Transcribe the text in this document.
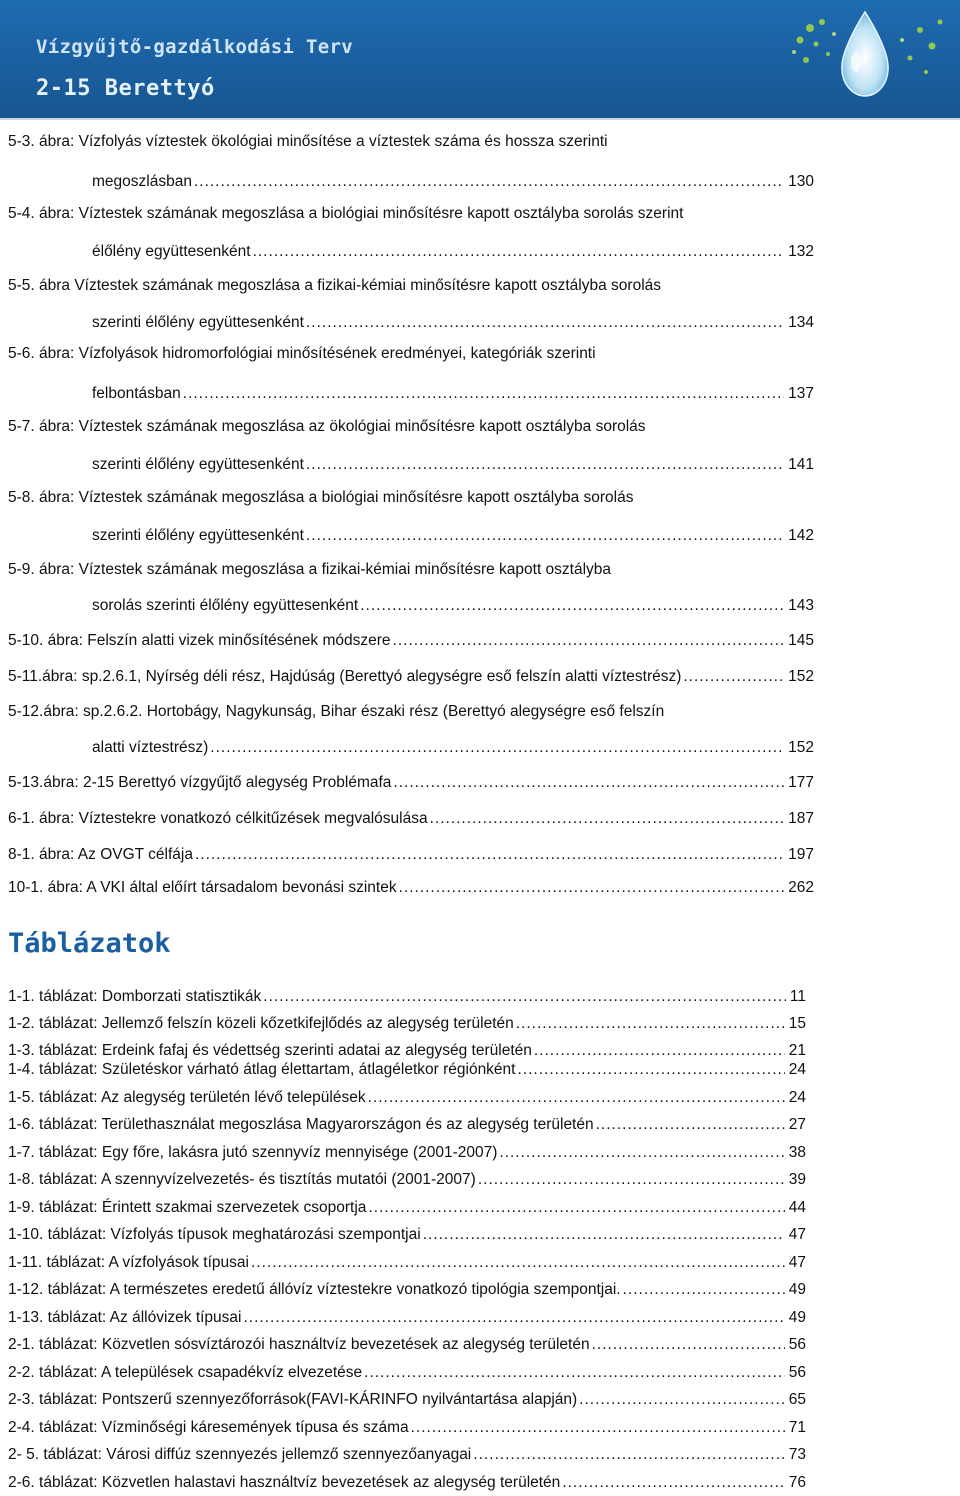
Vízgyűjtő-gazdálkodási Terv
2-15 Berettyó
5-3. ábra: Vízfolyás víztestek ökológiai minősítése a víztestek száma és hossza szerinti
megoszlásban .....	130
5-4. ábra: Víztestek számának megoszlása a biológiai minősítésre kapott osztályba sorolás szerint
élőlény együttesenként .....	132
5-5. ábra Víztestek számának megoszlása a fizikai-kémiai minősítésre kapott osztályba sorolás
szerinti élőlény együttesenként .....	134
5-6. ábra: Vízfolyások hidromorfológiai minősítésének eredményei, kategóriák szerinti
felbontásban .....	137
5-7. ábra: Víztestek számának megoszlása az ökológiai minősítésre kapott osztályba sorolás
szerinti élőlény együttesenként .....	141
5-8. ábra: Víztestek számának megoszlása a biológiai minősítésre kapott osztályba sorolás
szerinti élőlény együttesenként .....	142
5-9. ábra: Víztestek számának megoszlása a fizikai-kémiai minősítésre kapott osztályba
sorolás szerinti élőlény együttesenként .....	143
5-10. ábra: Felszín alatti vizek minősítésének módszere .....	145
5-11.ábra: sp.2.6.1, Nyírség déli rész, Hajdúság (Berettyó alegységre eső felszín alatti víztestrész) .....	152
5-12.ábra: sp.2.6.2. Hortobágy, Nagykunság, Bihar északi rész (Berettyó alegységre eső felszín
alatti víztestrész) .....	152
5-13.ábra: 2-15 Berettyó vízgyűjtő alegység Problémafa .....	177
6-1. ábra: Víztestekre vonatkozó célkitűzések megvalósulása .....	187
8-1. ábra: Az OVGT célfája .....	197
10-1. ábra: A VKI által előírt társadalom bevonási szintek .....	262
Táblázatok
1-1. táblázat: Domborzati statisztikák .....	11
1-2. táblázat: Jellemző felszín közeli kőzetkifejlődés az alegység területén .....	15
1-3. táblázat: Erdeink fafaj és védettség szerinti adatai az alegység területén .....	21
1-4. táblázat: Születéskor várható átlag élettartam, átlagéletkor régiónként .....	24
1-5. táblázat: Az alegység területén lévő települések .....	24
1-6. táblázat: Területhasználat megoszlása Magyarországon és az alegység területén .....	27
1-7. táblázat: Egy főre, lakásra jutó szennyvíz mennyisége (2001-2007) .....	38
1-8. táblázat: A szennyvízelvezetés- és tisztítás mutatói (2001-2007) .....	39
1-9. táblázat: Érintett szakmai szervezetek csoportja .....	44
1-10. táblázat: Vízfolyás típusok meghatározási szempontjai .....	47
1-11. táblázat: A vízfolyások típusai .....	47
1-12. táblázat: A természetes eredetű állóvíz víztestekre vonatkozó tipológia szempontjai. .....	49
1-13. táblázat: Az állóvizek típusai .....	49
2-1. táblázat: Közvetlen sósvíztározói használtvíz bevezetések az alegység területén .....	56
2-2. táblázat: A települések csapadékvíz elvezetése .....	56
2-3. táblázat: Pontszerű szennyezőforrások(FAVI-KÁRINFO nyilvántartása alapján) .....	65
2-4. táblázat: Vízminőségi káresemények típusa és száma .....	71
2- 5. táblázat: Városi diffúz szennyezés jellemző szennyezőanyagai .....	73
2-6. táblázat: Közvetlen halastavi használtvíz bevezetések az alegység területén .....	76
